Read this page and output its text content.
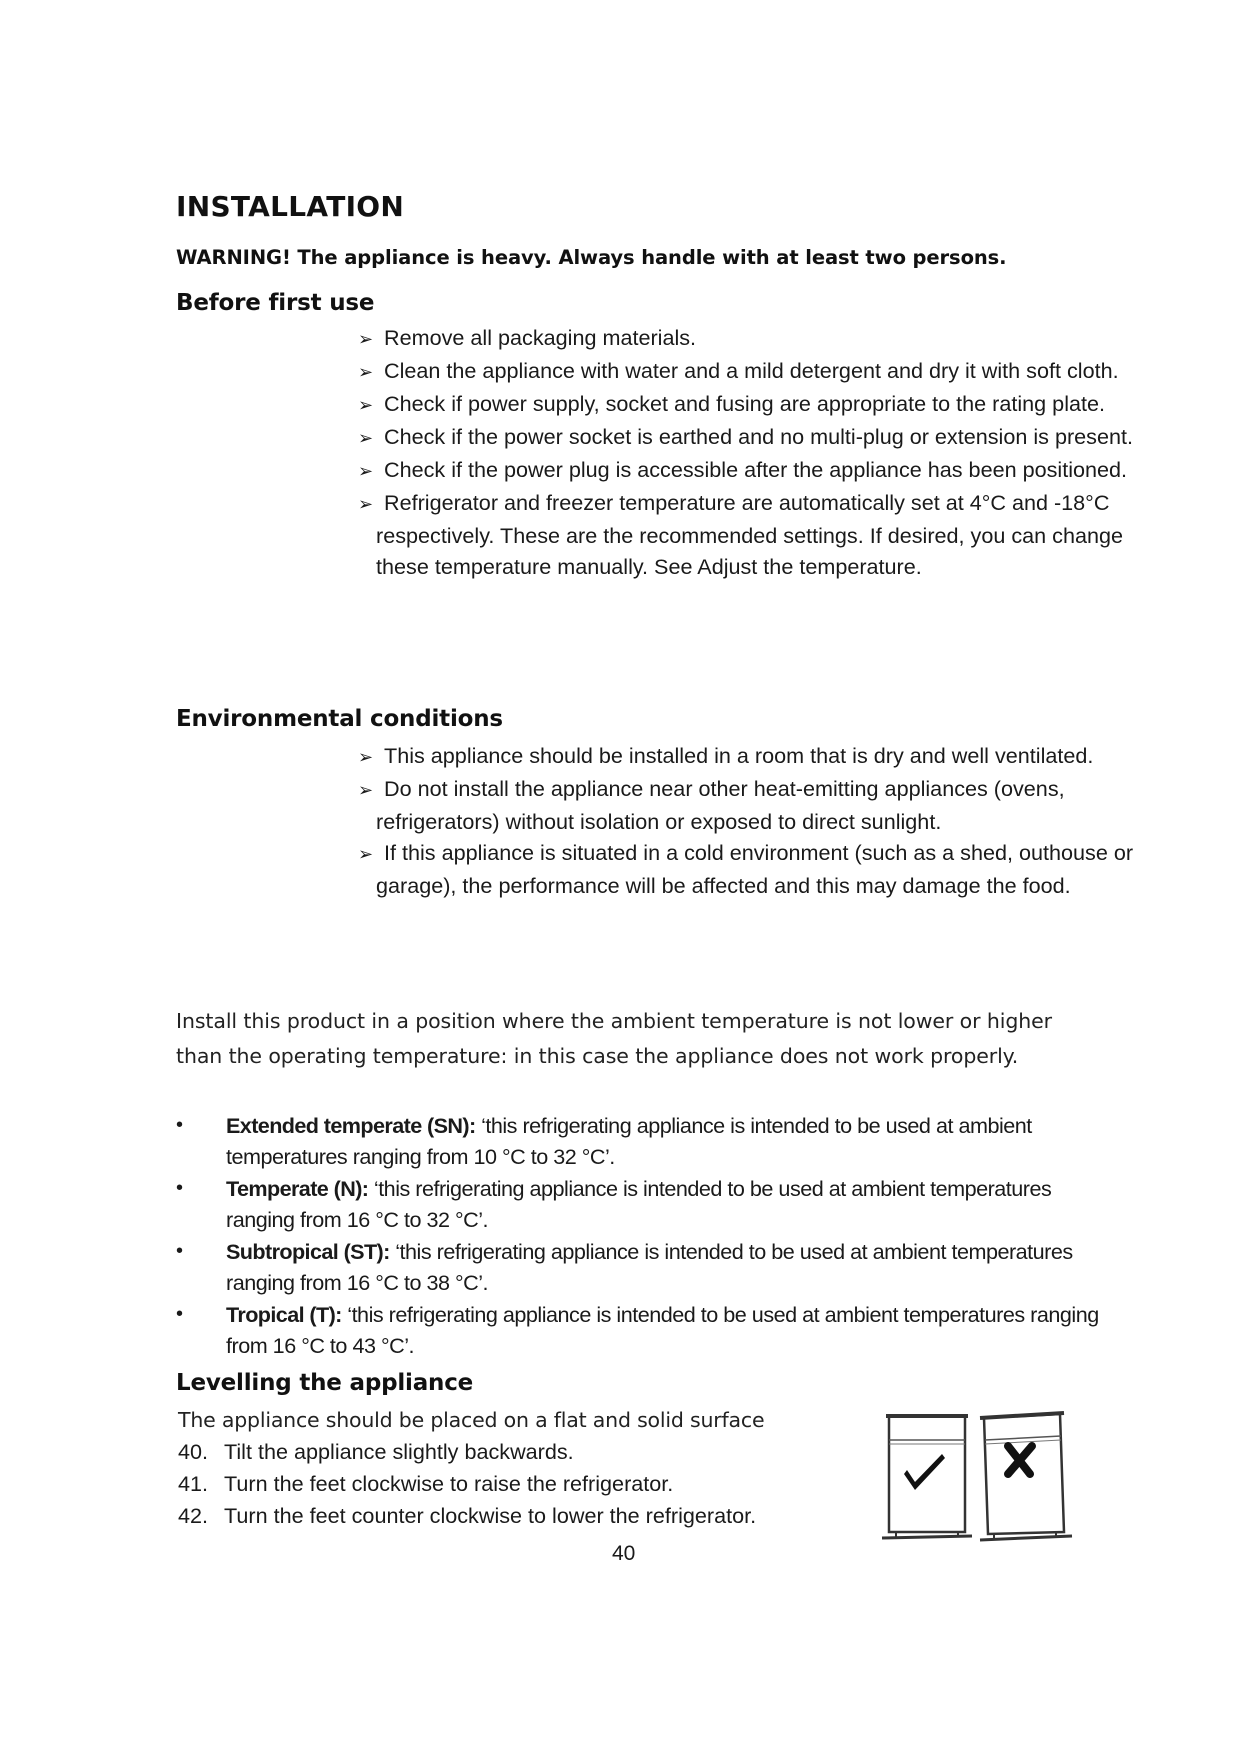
INSTALLATION
WARNING! The appliance is heavy. Always handle with at least two persons.
Before first use
➢ Remove all packaging materials.
➢ Clean the appliance with water and a mild detergent and dry it with soft cloth.
➢ Check if power supply, socket and fusing are appropriate to the rating plate.
➢ Check if the power socket is earthed and no multi-plug or extension is present.
➢ Check if the power plug is accessible after the appliance has been positioned.
➢ Refrigerator and freezer temperature are automatically set at 4°C and -18°C respectively. These are the recommended settings. If desired, you can change these temperature manually. See Adjust the temperature.
Environmental conditions
➢ This appliance should be installed in a room that is dry and well ventilated.
➢ Do not install the appliance near other heat-emitting appliances (ovens, refrigerators) without isolation or exposed to direct sunlight.
➢ If this appliance is situated in a cold environment (such as a shed, outhouse or garage), the performance will be affected and this may damage the food.
Install this product in a position where the ambient temperature is not lower or higher than the operating temperature: in this case the appliance does not work properly.
•	Extended temperate (SN): ‘this refrigerating appliance is intended to be used at ambient temperatures ranging from 10 °C to 32 °C’.
•	Temperate (N): ‘this refrigerating appliance is intended to be used at ambient temperatures ranging from 16 °C to 32 °C’.
•	Subtropical (ST): ‘this refrigerating appliance is intended to be used at ambient temperatures ranging from 16 °C to 38 °C’.
•	Tropical (T): ‘this refrigerating appliance is intended to be used at ambient temperatures ranging from 16 °C to 43 °C’.
Levelling the appliance
The appliance should be placed on a flat and solid surface
40. Tilt the appliance slightly backwards.
41. Turn the feet clockwise to raise the refrigerator.
42. Turn the feet counter clockwise to lower the refrigerator.
40
